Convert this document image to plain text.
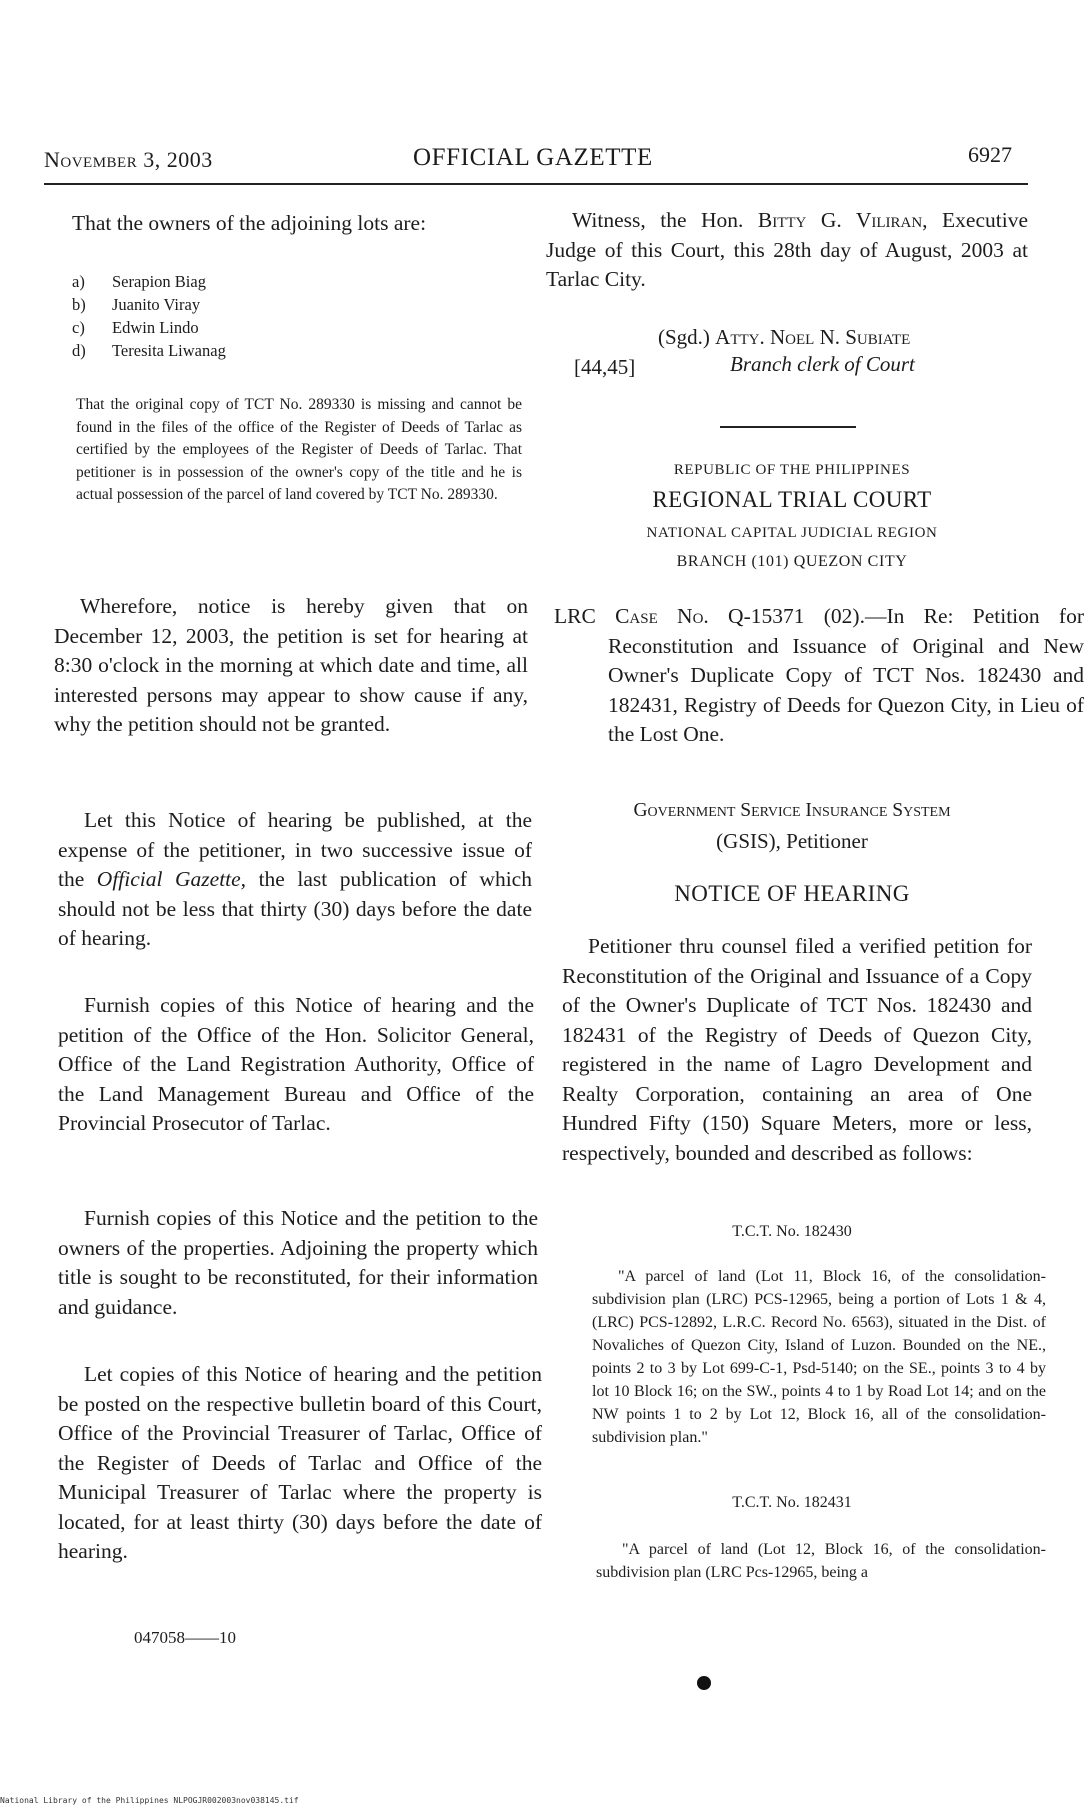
November 3, 2003	OFFICIAL GAZETTE	6927

That the owners of the adjoining lots are:

a)	Serapion Biag
b)	Juanito Viray
c)	Edwin Lindo
d)	Teresita Liwanag

That the original copy of TCT No. 289330 is missing and cannot be found in the files of the office of the Register of Deeds of Tarlac as certified by the employees of the Register of Deeds of Tarlac. That petitioner is in possession of the owner's copy of the title and he is actual possession of the parcel of land covered by TCT No. 289330.

Wherefore, notice is hereby given that on December 12, 2003, the petition is set for hearing at 8:30 o'clock in the morning at which date and time, all interested persons may appear to show cause if any, why the petition should not be granted.

Let this Notice of hearing be published, at the expense of the petitioner, in two successive issue of the Official Gazette, the last publication of which should not be less that thirty (30) days before the date of hearing.

Furnish copies of this Notice of hearing and the petition of the Office of the Hon. Solicitor General, Office of the Land Registration Authority, Office of the Land Management Bureau and Office of the Provincial Prosecutor of Tarlac.

Furnish copies of this Notice and the petition to the owners of the properties. Adjoining the property which title is sought to be reconstituted, for their information and guidance.

Let copies of this Notice of hearing and the petition be posted on the respective bulletin board of this Court, Office of the Provincial Treasurer of Tarlac, Office of the Register of Deeds of Tarlac and Office of the Municipal Treasurer of Tarlac where the property is located, for at least thirty (30) days before the date of hearing.

047058——10

Witness, the Hon. Bitty G. Viliran, Executive Judge of this Court, this 28th day of August, 2003 at Tarlac City.

(Sgd.) Atty. Noel N. Subiate
[44,45]	Branch clerk of Court
REPUBLIC OF THE PHILIPPINES
REGIONAL TRIAL COURT
NATIONAL CAPITAL JUDICIAL REGION
BRANCH (101) QUEZON CITY

LRC Case No. Q-15371 (02).—In Re: Petition for Reconstitution and Issuance of Original and New Owner's Duplicate Copy of TCT Nos. 182430 and 182431, Registry of Deeds for Quezon City, in Lieu of the Lost One.

Government Service Insurance System
(GSIS), Petitioner
NOTICE OF HEARING

Petitioner thru counsel filed a verified petition for Reconstitution of the Original and Issuance of a Copy of the Owner's Duplicate of TCT Nos. 182430 and 182431 of the Registry of Deeds of Quezon City, registered in the name of Lagro Development and Realty Corporation, containing an area of One Hundred Fifty (150) Square Meters, more or less, respectively, bounded and described as follows:

T.C.T. No. 182430

"A parcel of land (Lot 11, Block 16, of the consolidation-subdivision plan (LRC) PCS-12965, being a portion of Lots 1 & 4, (LRC) PCS-12892, L.R.C. Record No. 6563), situated in the Dist. of Novaliches of Quezon City, Island of Luzon. Bounded on the NE., points 2 to 3 by Lot 699-C-1, Psd-5140; on the SE., points 3 to 4 by lot 10 Block 16; on the SW., points 4 to 1 by Road Lot 14; and on the NW points 1 to 2 by Lot 12, Block 16, all of the consolidation-subdivision plan."

T.C.T. No. 182431

"A parcel of land (Lot 12, Block 16, of the consolidation-subdivision plan (LRC Pcs-12965, being a

National Library of the Philippines NLPOGJR002003nov038145.tif
